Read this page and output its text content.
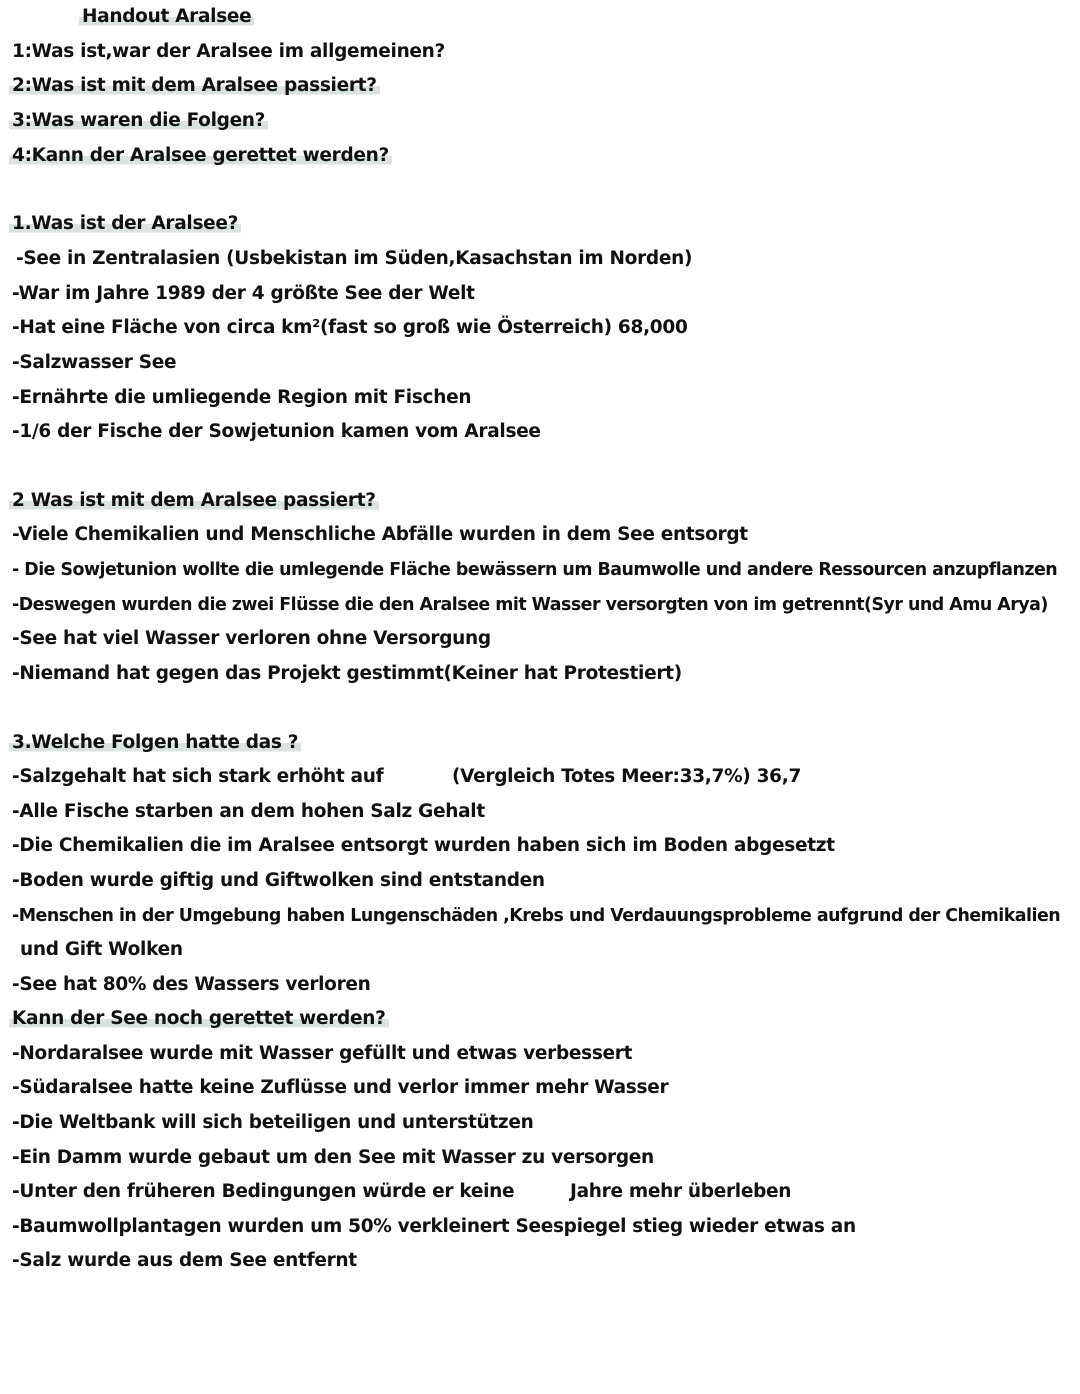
Handout Aralsee
1:Was ist,war der Aralsee im allgemeinen?
2:Was ist mit dem Aralsee passiert?
3:Was waren die Folgen?
4:Kann der Aralsee gerettet werden?
1.Was ist der Aralsee?
-See in Zentralasien (Usbekistan im Süden,Kasachstan im Norden)
-War im Jahre 1989 der 4 größte See der Welt
-Hat eine Fläche von circa km²(fast so groß wie Österreich) 68,000
-Salzwasser See
-Ernährte die umliegende Region mit Fischen
-1/6 der Fische der Sowjetunion kamen vom Aralsee
2 Was ist mit dem Aralsee passiert?
-Viele Chemikalien und Menschliche Abfälle wurden in dem See entsorgt
- Die Sowjetunion wollte die umlegende Fläche bewässern um Baumwolle und andere Ressourcen anzupflanzen
-Deswegen wurden die zwei Flüsse die den Aralsee mit Wasser versorgten von im getrennt(Syr und Amu Arya)
-See hat viel Wasser verloren ohne Versorgung
-Niemand hat gegen das Projekt gestimmt(Keiner hat Protestiert)
3.Welche Folgen hatte das ?
-Salzgehalt hat sich stark erhöht auf	(Vergleich Totes Meer:33,7%) 36,7
-Alle Fische starben an dem hohen Salz Gehalt
-Die Chemikalien die im Aralsee entsorgt wurden haben sich im Boden abgesetzt
-Boden wurde giftig und Giftwolken sind entstanden
-Menschen in der Umgebung haben Lungenschäden ,Krebs und Verdauungsprobleme aufgrund der Chemikalien
und Gift Wolken
-See hat 80% des Wassers verloren
Kann der See noch gerettet werden?
-Nordaralsee wurde mit Wasser gefüllt und etwas verbessert
-Südaralsee hatte keine Zuflüsse und verlor immer mehr Wasser
-Die Weltbank will sich beteiligen und unterstützen
-Ein Damm wurde gebaut um den See mit Wasser zu versorgen
-Unter den früheren Bedingungen würde er keine	Jahre mehr überleben
-Baumwollplantagen wurden um 50% verkleinert Seespiegel stieg wieder etwas an
-Salz wurde aus dem See entfernt
